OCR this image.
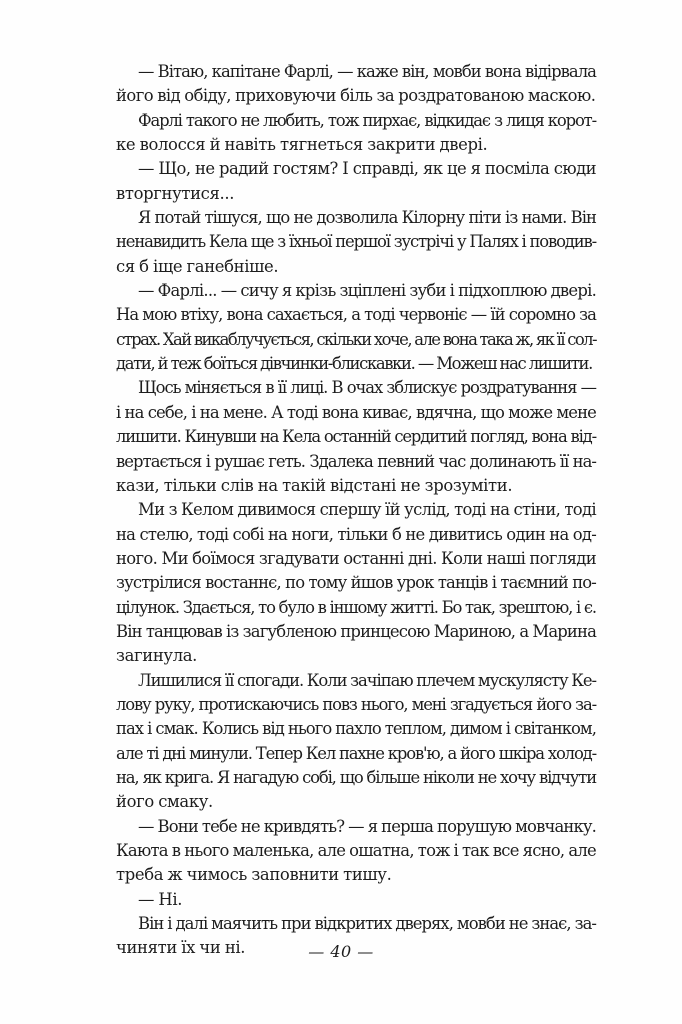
— Вітаю, капітане Фарлі, — каже він, мовби вона відірвала
його від обіду, приховуючи біль за роздратованою маскою.
Фарлі такого не любить, тож пирхає, відкидає з лиця корот-
ке волосся й навіть тягнеться закрити двері.
— Що, не радий гостям? І справді, як це я посміла сюди
вторгнутися...
Я потай тішуся, що не дозволила Кілорну піти із нами. Він
ненавидить Кела ще з їхньої першої зустрічі у Палях і поводив-
ся б іще ганебніше.
— Фарлі... — сичу я крізь зціплені зуби і підхоплюю двері.
На мою втіху, вона сахається, а тоді червоніє — їй соромно за
страх. Хай викаблучується, скільки хоче, але вона така ж, як її сол-
дати, й теж боїться дівчинки-блискавки. — Можеш нас лишити.
Щось міняється в її лиці. В очах зблискує роздратування —
і на себе, і на мене. А тоді вона киває, вдячна, що може мене
лишити. Кинувши на Кела останній сердитий погляд, вона від-
вертається і рушає геть. Здалека певний час долинають її на-
кази, тільки слів на такій відстані не зрозуміти.
Ми з Келом дивимося спершу їй услід, тоді на стіни, тоді
на стелю, тоді собі на ноги, тільки б не дивитись один на од-
ного. Ми боїмося згадувати останні дні. Коли наші погляди
зустрілися востаннє, по тому йшов урок танців і таємний по-
цілунок. Здається, то було в іншому житті. Бо так, зрештою, і є.
Він танцював із загубленою принцесою Мариною, а Марина
загинула.
Лишилися її спогади. Коли зачіпаю плечем мускулясту Ке-
лову руку, протискаючись повз нього, мені згадується його за-
пах і смак. Колись від нього пахло теплом, димом і світанком,
але ті дні минули. Тепер Кел пахне кров'ю, а його шкіра холод-
на, як крига. Я нагадую собі, що більше ніколи не хочу відчути
його смаку.
— Вони тебе не кривдять? — я перша порушую мовчанку.
Каюта в нього маленька, але ошатна, тож і так все ясно, але
треба ж чимось заповнити тишу.
— Ні.
Він і далі маячить при відкритих дверях, мовби не знає, за-
чиняти їх чи ні.	— 40 —
